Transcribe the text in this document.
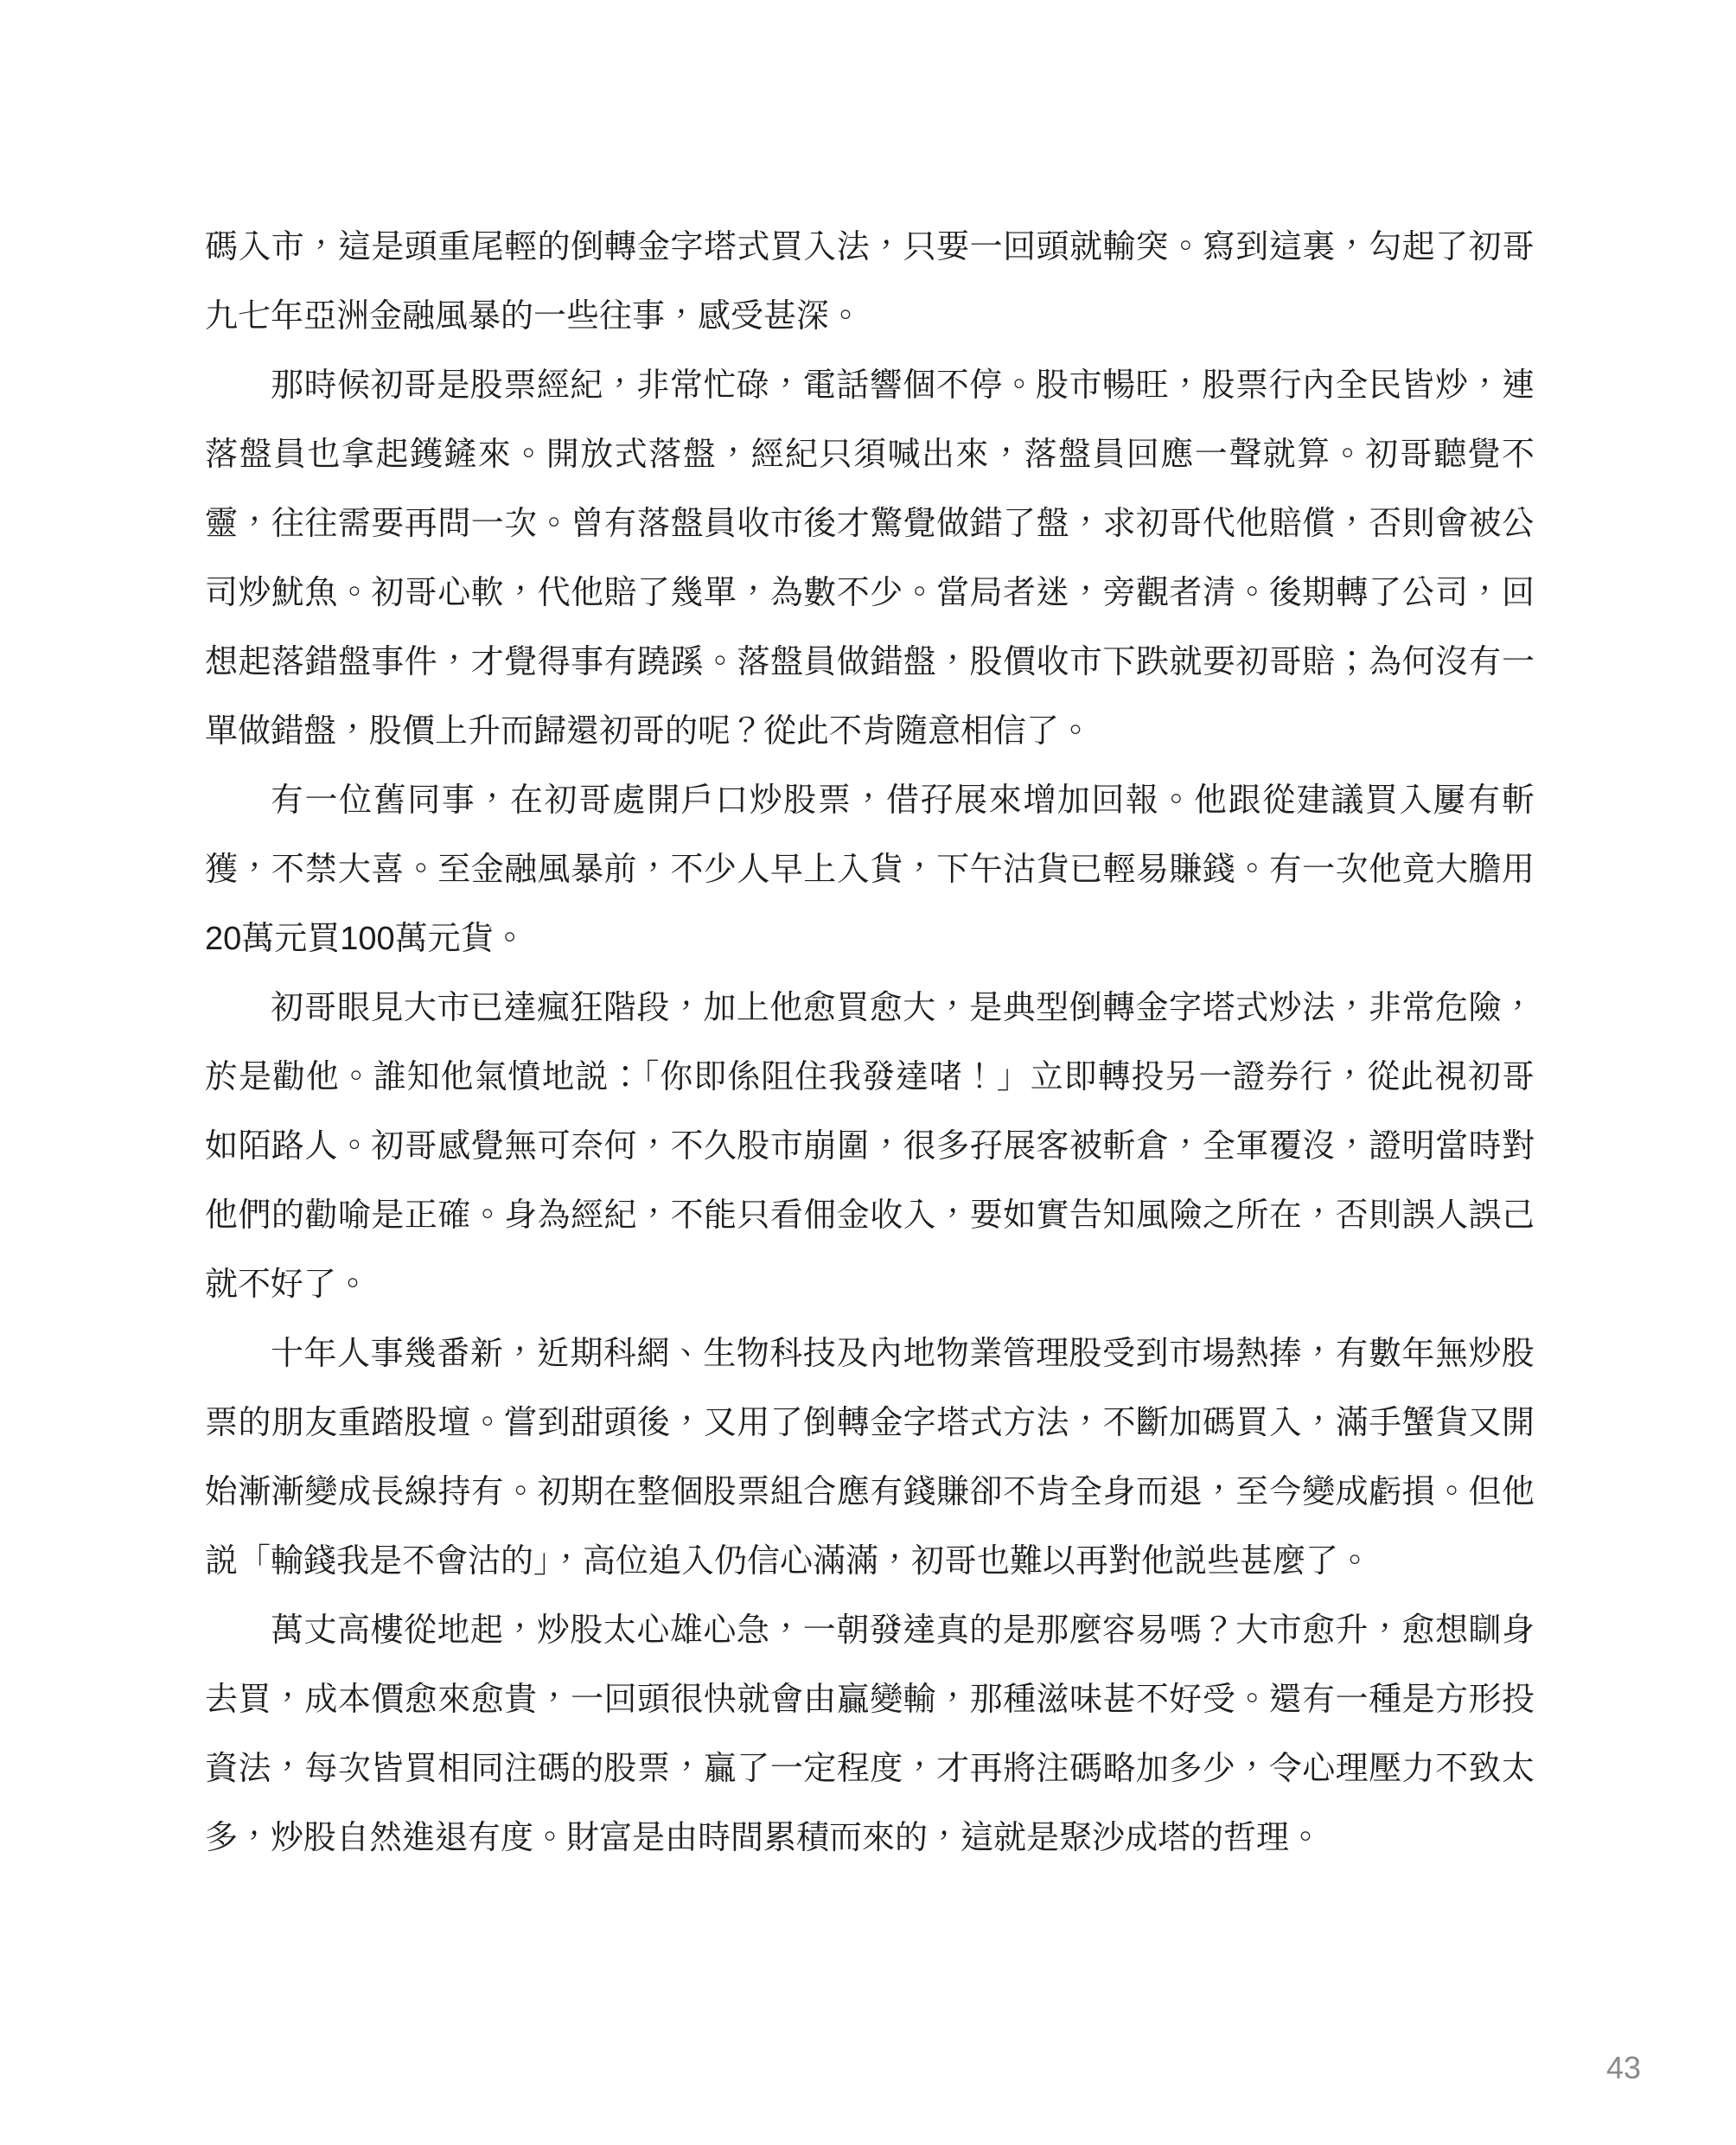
碼入市，這是頭重尾輕的倒轉金字塔式買入法，只要一回頭就輸突。寫到這裏，勾起了初哥九七年亞洲金融風暴的一些往事，感受甚深。

那時候初哥是股票經紀，非常忙碌，電話響個不停。股市暢旺，股票行內全民皆炒，連落盤員也拿起鑊鏟來。開放式落盤，經紀只須喊出來，落盤員回應一聲就算。初哥聽覺不靈，往往需要再問一次。曾有落盤員收市後才驚覺做錯了盤，求初哥代他賠償，否則會被公司炒魷魚。初哥心軟，代他賠了幾單，為數不少。當局者迷，旁觀者清。後期轉了公司，回想起落錯盤事件，才覺得事有蹺蹊。落盤員做錯盤，股價收市下跌就要初哥賠；為何沒有一單做錯盤，股價上升而歸還初哥的呢？從此不肯隨意相信了。

有一位舊同事，在初哥處開戶口炒股票，借孖展來增加回報。他跟從建議買入屢有斬獲，不禁大喜。至金融風暴前，不少人早上入貨，下午沽貨已輕易賺錢。有一次他竟大膽用20萬元買100萬元貨。

初哥眼見大市已達瘋狂階段，加上他愈買愈大，是典型倒轉金字塔式炒法，非常危險，於是勸他。誰知他氣憤地説：「你即係阻住我發達啫！」立即轉投另一證券行，從此視初哥如陌路人。初哥感覺無可奈何，不久股市崩圍，很多孖展客被斬倉，全軍覆沒，證明當時對他們的勸喻是正確。身為經紀，不能只看佣金收入，要如實告知風險之所在，否則誤人誤己就不好了。

十年人事幾番新，近期科網、生物科技及內地物業管理股受到市場熱捧，有數年無炒股票的朋友重踏股壇。嘗到甜頭後，又用了倒轉金字塔式方法，不斷加碼買入，滿手蟹貨又開始漸漸變成長線持有。初期在整個股票組合應有錢賺卻不肯全身而退，至今變成虧損。但他説「輸錢我是不會沽的」，高位追入仍信心滿滿，初哥也難以再對他説些甚麼了。

萬丈高樓從地起，炒股太心雄心急，一朝發達真的是那麼容易嗎？大市愈升，愈想瞓身去買，成本價愈來愈貴，一回頭很快就會由贏變輸，那種滋味甚不好受。還有一種是方形投資法，每次皆買相同注碼的股票，贏了一定程度，才再將注碼略加多少，令心理壓力不致太多，炒股自然進退有度。財富是由時間累積而來的，這就是聚沙成塔的哲理。

43
